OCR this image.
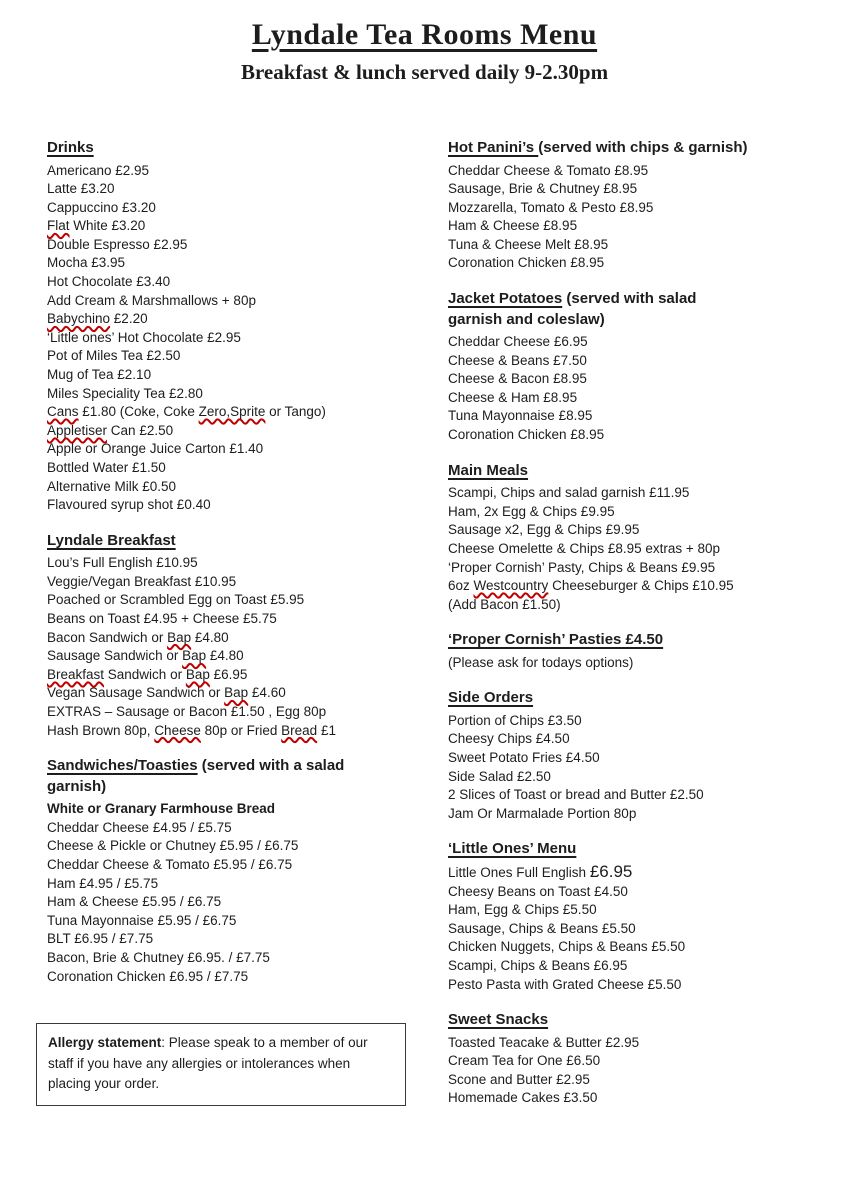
Lyndale Tea Rooms Menu
Breakfast & lunch served daily 9-2.30pm
Drinks
Americano £2.95
Latte £3.20
Cappuccino £3.20
Flat White £3.20
Double Espresso £2.95
Mocha £3.95
Hot Chocolate £3.40
Add Cream & Marshmallows + 80p
Babychino £2.20
‘Little ones’ Hot Chocolate £2.95
Pot of Miles Tea £2.50
Mug of Tea £2.10
Miles Speciality Tea £2.80
Cans £1.80 (Coke, Coke Zero,Sprite or Tango)
Appletiser Can £2.50
Apple or Orange Juice Carton £1.40
Bottled Water £1.50
Alternative Milk £0.50
Flavoured syrup shot £0.40
Lyndale Breakfast
Lou’s Full English £10.95
Veggie/Vegan Breakfast £10.95
Poached or Scrambled Egg on Toast £5.95
Beans on Toast £4.95 + Cheese £5.75
Bacon Sandwich or Bap £4.80
Sausage Sandwich or Bap £4.80
Breakfast Sandwich or Bap £6.95
Vegan Sausage Sandwich or Bap £4.60
EXTRAS – Sausage or Bacon £1.50 , Egg 80p
Hash Brown 80p, Cheese 80p or Fried Bread £1
Sandwiches/Toasties (served with a salad
garnish)
White or Granary Farmhouse Bread
Cheddar Cheese £4.95 / £5.75
Cheese & Pickle or Chutney £5.95 / £6.75
Cheddar Cheese & Tomato £5.95 / £6.75
Ham £4.95 / £5.75
Ham & Cheese £5.95 / £6.75
Tuna Mayonnaise £5.95 / £6.75
BLT £6.95 / £7.75
Bacon, Brie & Chutney £6.95. / £7.75
Coronation Chicken £6.95 / £7.75
Hot Panini’s (served with chips & garnish)
Cheddar Cheese & Tomato £8.95
Sausage, Brie & Chutney £8.95
Mozzarella, Tomato & Pesto £8.95
Ham & Cheese £8.95
Tuna & Cheese Melt £8.95
Coronation Chicken £8.95
Jacket Potatoes (served with salad
garnish and coleslaw)
Cheddar Cheese £6.95
Cheese & Beans £7.50
Cheese & Bacon £8.95
Cheese & Ham £8.95
Tuna Mayonnaise £8.95
Coronation Chicken £8.95
Main Meals
Scampi, Chips and salad garnish £11.95
Ham, 2x Egg & Chips £9.95
Sausage x2, Egg & Chips £9.95
Cheese Omelette & Chips £8.95 extras + 80p
‘Proper Cornish’ Pasty, Chips & Beans £9.95
6oz Westcountry Cheeseburger & Chips £10.95
(Add Bacon £1.50)
‘Proper Cornish’ Pasties £4.50
(Please ask for todays options)
Side Orders
Portion of Chips £3.50
Cheesy Chips £4.50
Sweet Potato Fries £4.50
Side Salad £2.50
2 Slices of Toast or bread and Butter £2.50
Jam Or Marmalade Portion 80p
‘Little Ones’ Menu
Little Ones Full English £6.95
Cheesy Beans on Toast £4.50
Ham, Egg & Chips £5.50
Sausage, Chips & Beans £5.50
Chicken Nuggets, Chips & Beans £5.50
Scampi, Chips & Beans £6.95
Pesto Pasta with Grated Cheese £5.50
Sweet Snacks
Toasted Teacake & Butter £2.95
Cream Tea for One £6.50
Scone and Butter £2.95
Homemade Cakes £3.50
Allergy statement: Please speak to a member of our staff if you have any allergies or intolerances when placing your order.
